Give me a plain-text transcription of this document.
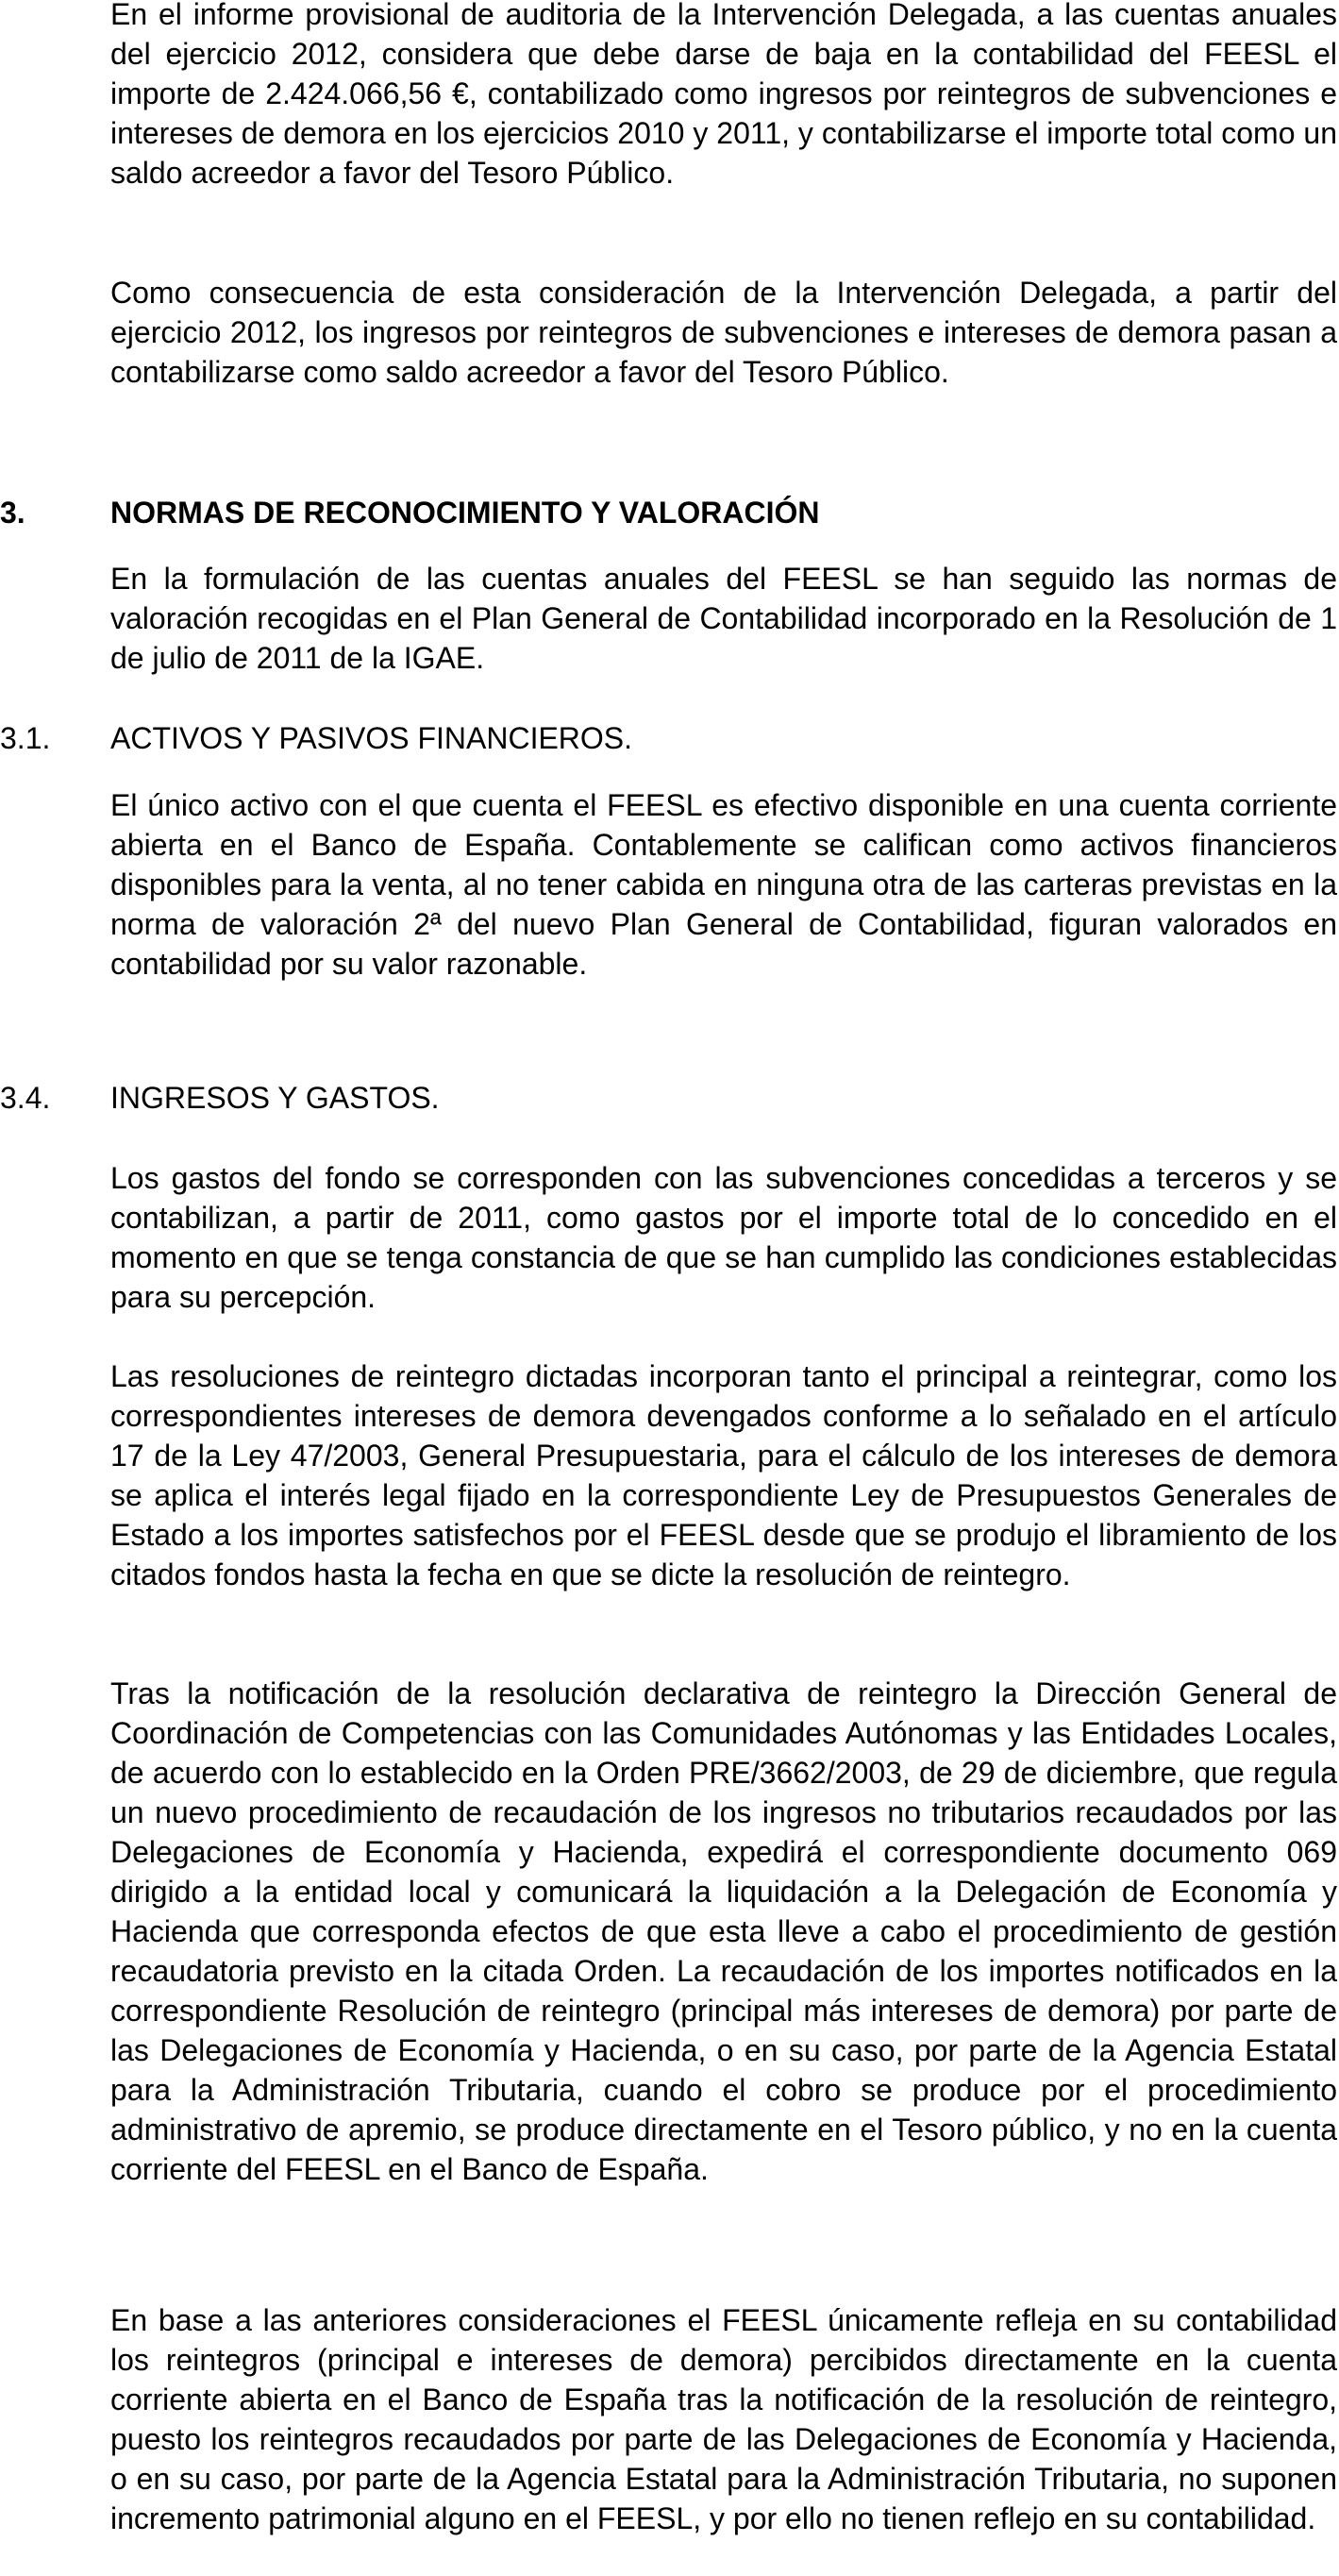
En el informe provisional de auditoria de la Intervención Delegada, a las cuentas anuales del ejercicio 2012, considera que debe darse de baja en la contabilidad del FEESL el importe de 2.424.066,56 €, contabilizado como ingresos por reintegros de subvenciones e intereses de demora en los ejercicios 2010 y 2011, y contabilizarse el importe total como un saldo acreedor a favor del Tesoro Público.

Como consecuencia de esta consideración de la Intervención Delegada, a partir del ejercicio 2012, los ingresos por reintegros de subvenciones e intereses de demora pasan a contabilizarse como saldo acreedor a favor del Tesoro Público.

3.	NORMAS DE RECONOCIMIENTO Y VALORACIÓN

En la formulación de las cuentas anuales del FEESL se han seguido las normas de valoración recogidas en el Plan General de Contabilidad incorporado en la Resolución de 1 de julio de 2011 de la IGAE.

3.1. ACTIVOS Y PASIVOS FINANCIEROS.

El único activo con el que cuenta el FEESL es efectivo disponible en una cuenta corriente abierta en el Banco de España. Contablemente se califican como activos financieros disponibles para la venta, al no tener cabida en ninguna otra de las carteras previstas en la norma de valoración 2ª del nuevo Plan General de Contabilidad, figuran valorados en contabilidad por su valor razonable.

3.4. INGRESOS Y GASTOS.

Los gastos del fondo se corresponden con las subvenciones concedidas a terceros y se contabilizan, a partir de 2011, como gastos por el importe total de lo concedido en el momento en que se tenga constancia de que se han cumplido las condiciones establecidas para su percepción.

Las resoluciones de reintegro dictadas incorporan tanto el principal a reintegrar, como los correspondientes intereses de demora devengados conforme a lo señalado en el artículo 17 de la Ley 47/2003, General Presupuestaria, para el cálculo de los intereses de demora se aplica el interés legal fijado en la correspondiente Ley de Presupuestos Generales de Estado a los importes satisfechos por el FEESL desde que se produjo el libramiento de los citados fondos hasta la fecha en que se dicte la resolución de reintegro.

Tras la notificación de la resolución declarativa de reintegro la Dirección General de Coordinación de Competencias con las Comunidades Autónomas y las Entidades Locales, de acuerdo con lo establecido en la Orden PRE/3662/2003, de 29 de diciembre, que regula un nuevo procedimiento de recaudación de los ingresos no tributarios recaudados por las Delegaciones de Economía y Hacienda, expedirá el correspondiente documento 069 dirigido a la entidad local y comunicará la liquidación a la Delegación de Economía y Hacienda que corresponda efectos de que esta lleve a cabo el procedimiento de gestión recaudatoria previsto en la citada Orden. La recaudación de los importes notificados en la correspondiente Resolución de reintegro (principal más intereses de demora) por parte de las Delegaciones de Economía y Hacienda, o en su caso, por parte de la Agencia Estatal para la Administración Tributaria, cuando el cobro se produce por el procedimiento administrativo de apremio, se produce directamente en el Tesoro público, y no en la cuenta corriente del FEESL en el Banco de España.

En base a las anteriores consideraciones el FEESL únicamente refleja en su contabilidad los reintegros (principal e intereses de demora) percibidos directamente en la cuenta corriente abierta en el Banco de España tras la notificación de la resolución de reintegro, puesto los reintegros recaudados por parte de las Delegaciones de Economía y Hacienda, o en su caso, por parte de la Agencia Estatal para la Administración Tributaria, no suponen incremento patrimonial alguno en el FEESL, y por ello no tienen reflejo en su contabilidad.
